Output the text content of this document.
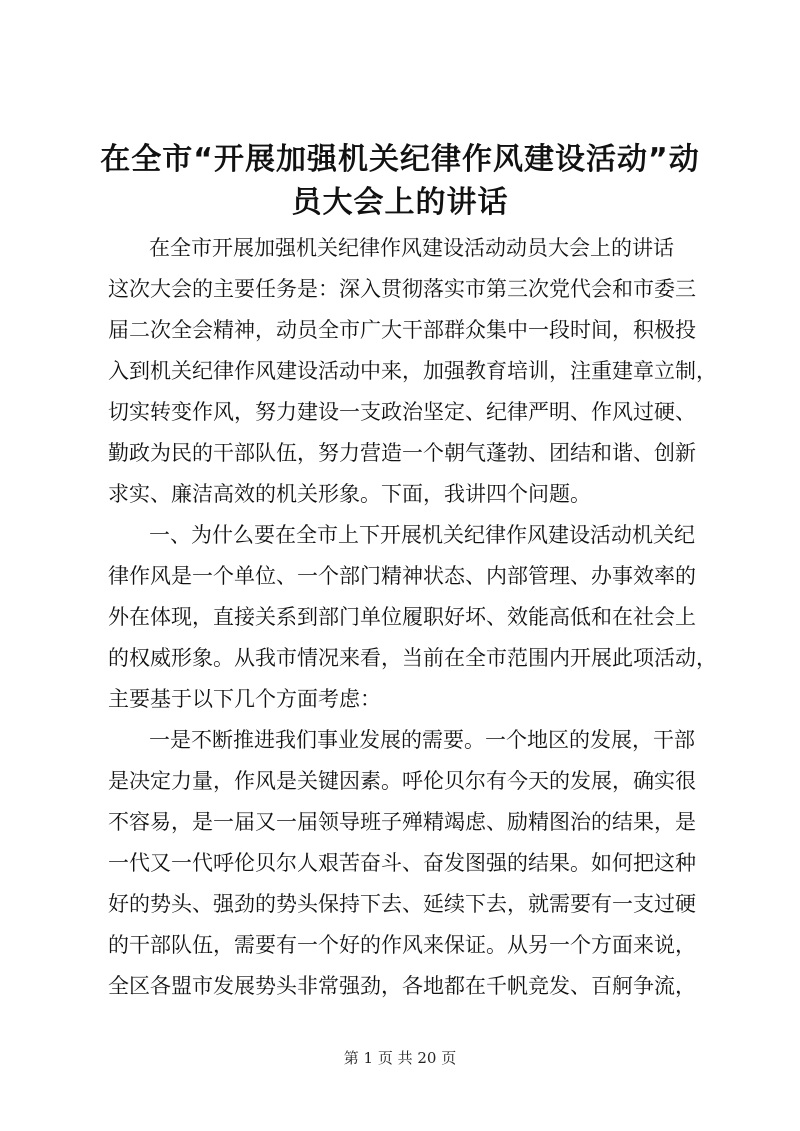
在全市“开展加强机关纪律作风建设活动”动
员大会上的讲话
在全市开展加强机关纪律作风建设活动动员大会上的讲话
这次大会的主要任务是：深入贯彻落实市第三次党代会和市委三
届二次全会精神，动员全市广大干部群众集中一段时间，积极投
入到机关纪律作风建设活动中来，加强教育培训，注重建章立制，
切实转变作风，努力建设一支政治坚定、纪律严明、作风过硬、
勤政为民的干部队伍，努力营造一个朝气蓬勃、团结和谐、创新
求实、廉洁高效的机关形象。下面，我讲四个问题。
一、为什么要在全市上下开展机关纪律作风建设活动机关纪
律作风是一个单位、一个部门精神状态、内部管理、办事效率的
外在体现，直接关系到部门单位履职好坏、效能高低和在社会上
的权威形象。从我市情况来看，当前在全市范围内开展此项活动，
主要基于以下几个方面考虑：
一是不断推进我们事业发展的需要。一个地区的发展，干部
是决定力量，作风是关键因素。呼伦贝尔有今天的发展，确实很
不容易，是一届又一届领导班子殚精竭虑、励精图治的结果，是
一代又一代呼伦贝尔人艰苦奋斗、奋发图强的结果。如何把这种
好的势头、强劲的势头保持下去、延续下去，就需要有一支过硬
的干部队伍，需要有一个好的作风来保证。从另一个方面来说，
全区各盟市发展势头非常强劲，各地都在千帆竞发、百舸争流，
第 1 页 共 20 页
